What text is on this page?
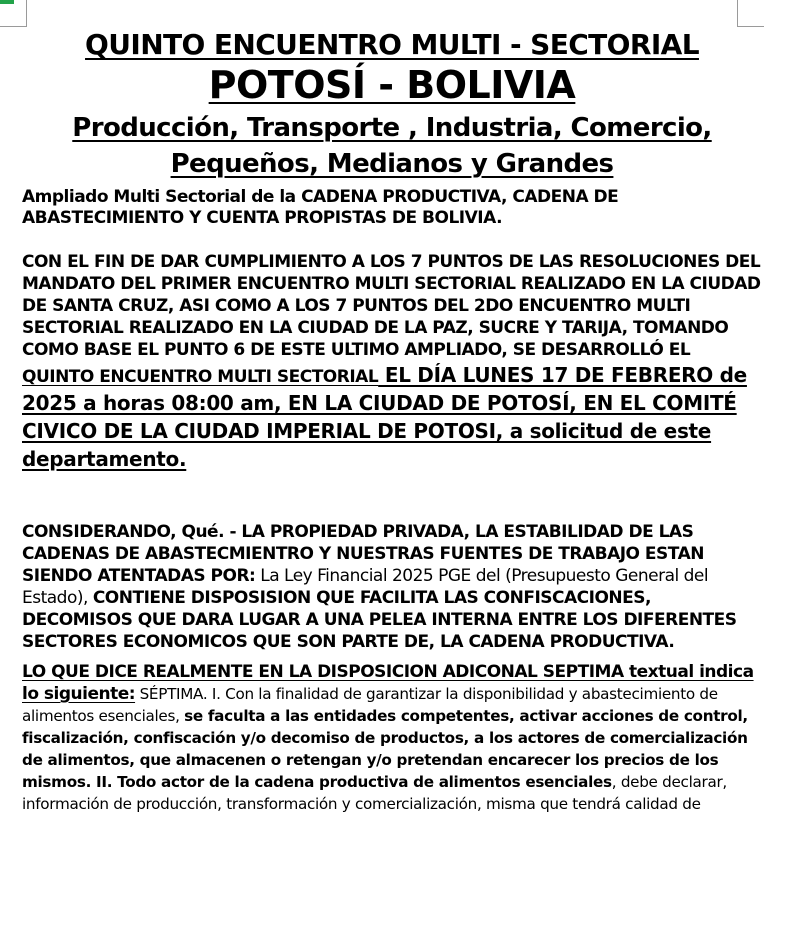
QUINTO ENCUENTRO MULTI - SECTORIAL
POTOSÍ - BOLIVIA
Producción, Transporte , Industria, Comercio,
Pequeños, Medianos y Grandes

Ampliado Multi Sectorial de la CADENA PRODUCTIVA, CADENA DE ABASTECIMIENTO Y CUENTA PROPISTAS DE BOLIVIA.

CON EL FIN DE DAR CUMPLIMIENTO A LOS 7 PUNTOS DE LAS RESOLUCIONES DEL MANDATO DEL PRIMER ENCUENTRO MULTI SECTORIAL REALIZADO EN LA CIUDAD DE SANTA CRUZ, ASI COMO A LOS 7 PUNTOS DEL 2DO ENCUENTRO MULTI SECTORIAL REALIZADO EN LA CIUDAD DE LA PAZ, SUCRE Y TARIJA, TOMANDO COMO BASE EL PUNTO 6 DE ESTE ULTIMO AMPLIADO, SE DESARROLLÓ EL QUINTO ENCUENTRO MULTI SECTORIAL EL DÍA LUNES 17 DE FEBRERO de 2025 a horas 08:00 am, EN LA CIUDAD DE POTOSÍ, EN EL COMITÉ CIVICO DE LA CIUDAD IMPERIAL DE POTOSI, a solicitud de este departamento.

CONSIDERANDO, Qué. - LA PROPIEDAD PRIVADA, LA ESTABILIDAD DE LAS CADENAS DE ABASTECMIENTRO Y NUESTRAS FUENTES DE TRABAJO ESTAN SIENDO ATENTADAS POR: La Ley Financial 2025 PGE del (Presupuesto General del Estado), CONTIENE DISPOSISION QUE FACILITA LAS CONFISCACIONES, DECOMISOS QUE DARA LUGAR A UNA PELEA INTERNA ENTRE LOS DIFERENTES SECTORES ECONOMICOS QUE SON PARTE DE, LA CADENA PRODUCTIVA.

LO QUE DICE REALMENTE EN LA DISPOSICION ADICONAL SEPTIMA textual indica lo siguiente: SÉPTIMA. I. Con la finalidad de garantizar la disponibilidad y abastecimiento de alimentos esenciales, se faculta a las entidades competentes, activar acciones de control, fiscalización, confiscación y/o decomiso de productos, a los actores de comercialización de alimentos, que almacenen o retengan y/o pretendan encarecer los precios de los mismos. II. Todo actor de la cadena productiva de alimentos esenciales, debe declarar, información de producción, transformación y comercialización, misma que tendrá calidad de
